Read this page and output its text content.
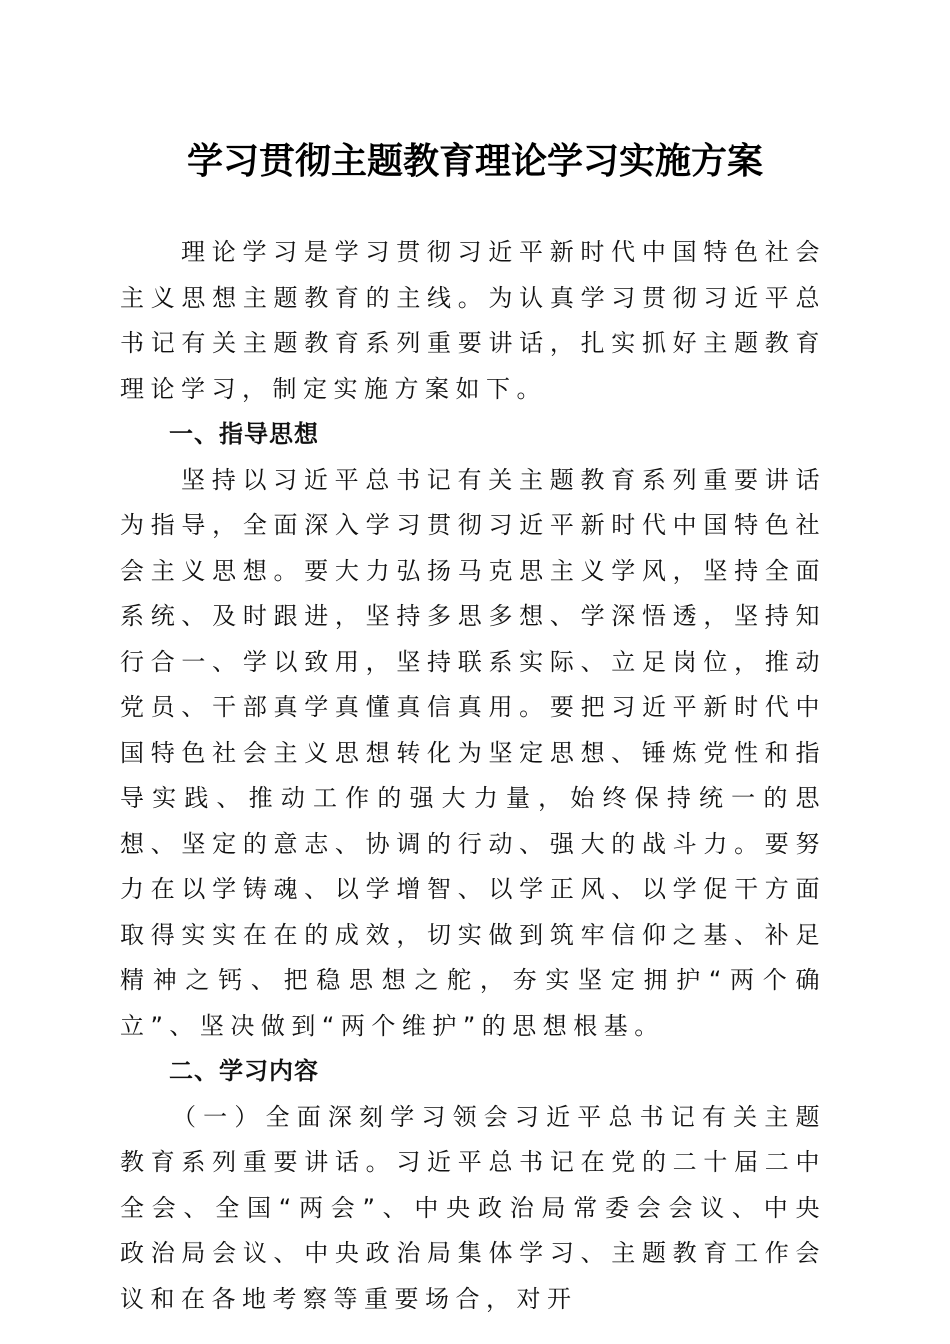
学习贯彻主题教育理论学习实施方案

理论学习是学习贯彻习近平新时代中国特色社会主义思想主题教育的主线。为认真学习贯彻习近平总书记有关主题教育系列重要讲话，扎实抓好主题教育理论学习，制定实施方案如下。

一、指导思想

坚持以习近平总书记有关主题教育系列重要讲话为指导，全面深入学习贯彻习近平新时代中国特色社会主义思想。要大力弘扬马克思主义学风，坚持全面系统、及时跟进，坚持多思多想、学深悟透，坚持知行合一、学以致用，坚持联系实际、立足岗位，推动党员、干部真学真懂真信真用。要把习近平新时代中国特色社会主义思想转化为坚定思想、锤炼党性和指导实践、推动工作的强大力量，始终保持统一的思想、坚定的意志、协调的行动、强大的战斗力。要努力在以学铸魂、以学增智、以学正风、以学促干方面取得实实在在的成效，切实做到筑牢信仰之基、补足精神之钙、把稳思想之舵，夯实坚定拥护“两个确立”、坚决做到“两个维护”的思想根基。

二、学习内容

（一）全面深刻学习领会习近平总书记有关主题教育系列重要讲话。习近平总书记在党的二十届二中全会、全国“两会”、中央政治局常委会会议、中央政治局会议、中央政治局集体学习、主题教育工作会议和在各地考察等重要场合，对开
